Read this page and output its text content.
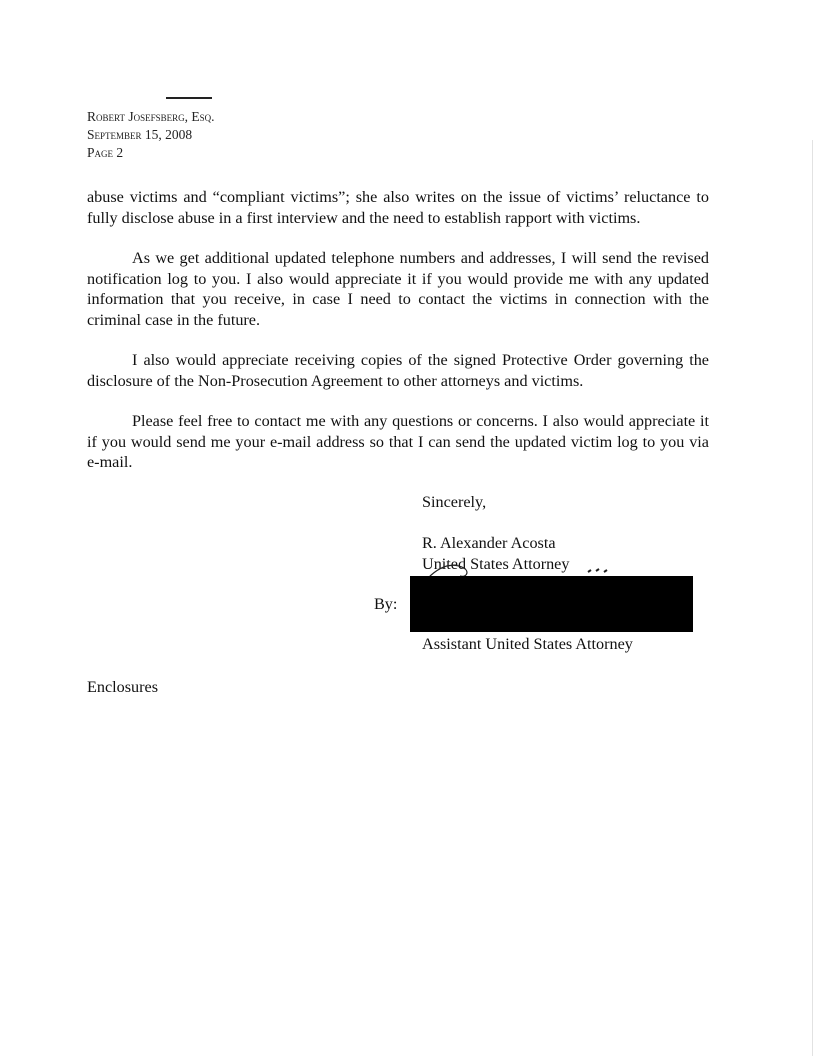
Robert Josefsberg, Esq.
September 15, 2008
Page 2

abuse victims and “compliant victims”; she also writes on the issue of victims’ reluctance to fully disclose abuse in a first interview and the need to establish rapport with victims.

As we get additional updated telephone numbers and addresses, I will send the revised notification log to you. I also would appreciate it if you would provide me with any updated information that you receive, in case I need to contact the victims in connection with the criminal case in the future.

I also would appreciate receiving copies of the signed Protective Order governing the disclosure of the Non-Prosecution Agreement to other attorneys and victims.

Please feel free to contact me with any questions or concerns. I also would appreciate it if you would send me your e-mail address so that I can send the updated victim log to you via e-mail.

Sincerely,
R. Alexander Acosta
United States Attorney
By:
Assistant United States Attorney
Enclosures
